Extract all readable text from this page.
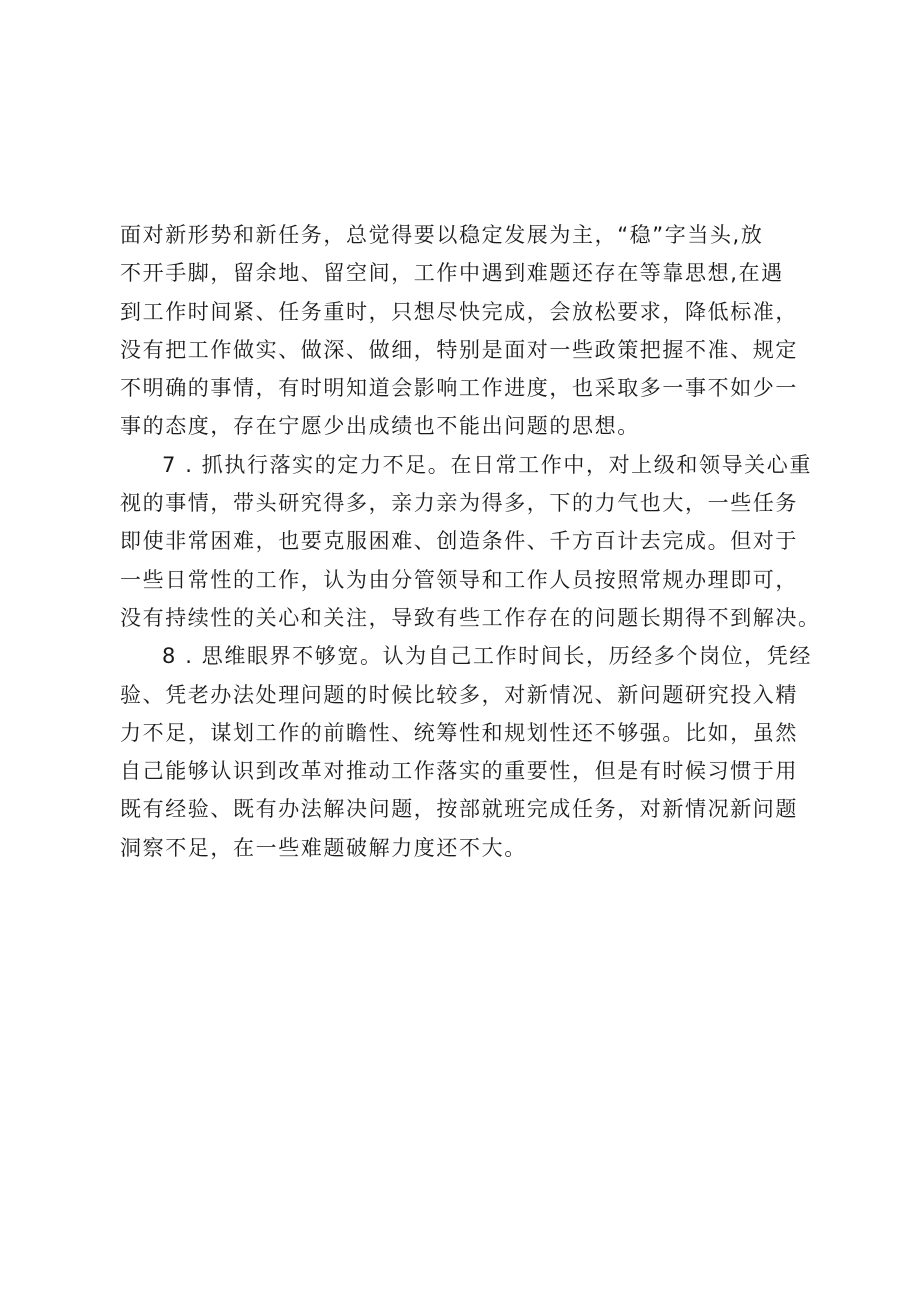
面对新形势和新任务，总觉得要以稳定发展为主，“稳”字当头,放
不开手脚，留余地、留空间，工作中遇到难题还存在等靠思想,在遇
到工作时间紧、任务重时，只想尽快完成，会放松要求，降低标准，
没有把工作做实、做深、做细，特别是面对一些政策把握不准、规定
不明确的事情，有时明知道会影响工作进度，也采取多一事不如少一
事的态度，存在宁愿少出成绩也不能出问题的思想。
7 . 抓执行落实的定力不足。在日常工作中，对上级和领导关心重
视的事情，带头研究得多，亲力亲为得多，下的力气也大，一些任务
即使非常困难，也要克服困难、创造条件、千方百计去完成。但对于
一些日常性的工作，认为由分管领导和工作人员按照常规办理即可，
没有持续性的关心和关注，导致有些工作存在的问题长期得不到解决。
8 . 思维眼界不够宽。认为自己工作时间长，历经多个岗位，凭经
验、凭老办法处理问题的时候比较多，对新情况、新问题研究投入精
力不足，谋划工作的前瞻性、统筹性和规划性还不够强。比如，虽然
自己能够认识到改革对推动工作落实的重要性，但是有时候习惯于用
既有经验、既有办法解决问题，按部就班完成任务，对新情况新问题
洞察不足，在一些难题破解力度还不大。
